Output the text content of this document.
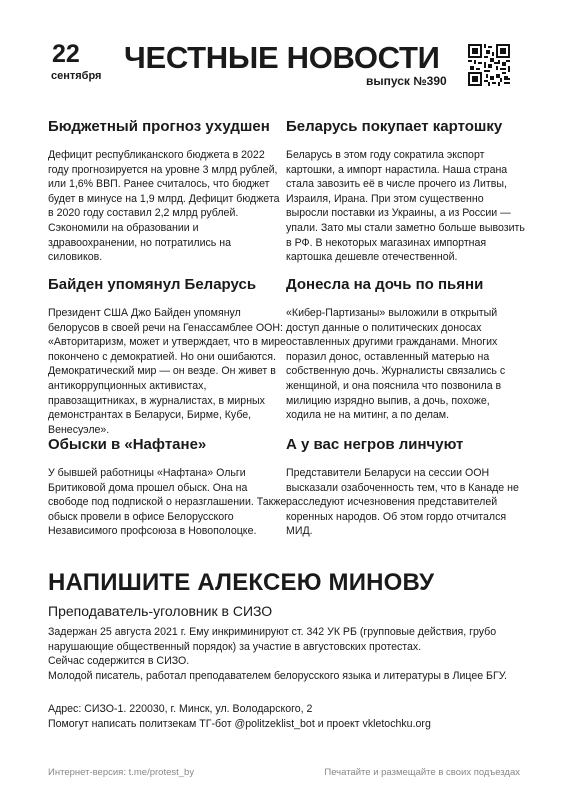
22
сентября
ЧЕСТНЫЕ НОВОСТИ
выпуск №390
Бюджетный прогноз ухудшен

Дефицит республиканского бюджета в 2022 году прогнозируется на уровне 3 млрд рублей, или 1,6% ВВП. Ранее считалось, что бюджет будет в минусе на 1,9 млрд. Дефицит бюджета в 2020 году составил 2,2 млрд рублей. Сэкономили на образовании и здравоохранении, но потратились на силовиков.

Беларусь покупает картошку

Беларусь в этом году сократила экспорт картошки, а импорт нарастила. Наша страна стала завозить её в числе прочего из Литвы, Израиля, Ирана. При этом существенно выросли поставки из Украины, а из России — упали. Зато мы стали заметно больше вывозить в РФ. В некоторых магазинах импортная картошка дешевле отечественной.

Байден упомянул Беларусь

Президент США Джо Байден упомянул белорусов в своей речи на Генассамблее ООН: «Авторитаризм, может и утверждает, что в мире покончено с демократией. Но они ошибаются. Демократический мир — он везде. Он живет в антикоррупционных активистах, правозащитниках, в журналистах, в мирных демонстрантах в Беларуси, Бирме, Кубе, Венесуэле».

Донесла на дочь по пьяни

«Кибер-Партизаны» выложили в открытый доступ данные о политических доносах оставленных другими гражданами. Многих поразил донос, оставленный матерью на собственную дочь. Журналисты связались с женщиной, и она пояснила что позвонила в милицию изрядно выпив, а дочь, похоже, ходила не на митинг, а по делам.

Обыски в «Нафтане»

У бывшей работницы «Нафтана» Ольги Бритиковой дома прошел обыск. Она на свободе под подпиской о неразглашении. Также обыск провели в офисе Белорусского Независимого профсоюза в Новополоцке.

А у вас негров линчуют

Представители Беларуси на сессии ООН высказали озабоченность тем, что в Канаде не расследуют исчезновения представителей коренных народов. Об этом гордо отчитался МИД.

НАПИШИТЕ АЛЕКСЕЮ МИНОВУ
Преподаватель-уголовник в СИЗО

Задержан 25 августа 2021 г. Ему инкриминируют ст. 342 УК РБ (групповые действия, грубо нарушающие общественный порядок) за участие в августовских протестах.

Сейчас содержится в СИЗО.

Молодой писатель, работал преподавателем белорусского языка и литературы в Лицее БГУ.

Адрес: СИЗО-1. 220030, г. Минск, ул. Володарского, 2

Помогут написать политзекам ТГ-бот @politzeklist_bot и проект vkletochku.org

Интернет-версия: t.me/protest_by	Печатайте и размещайте в своих подъездах
